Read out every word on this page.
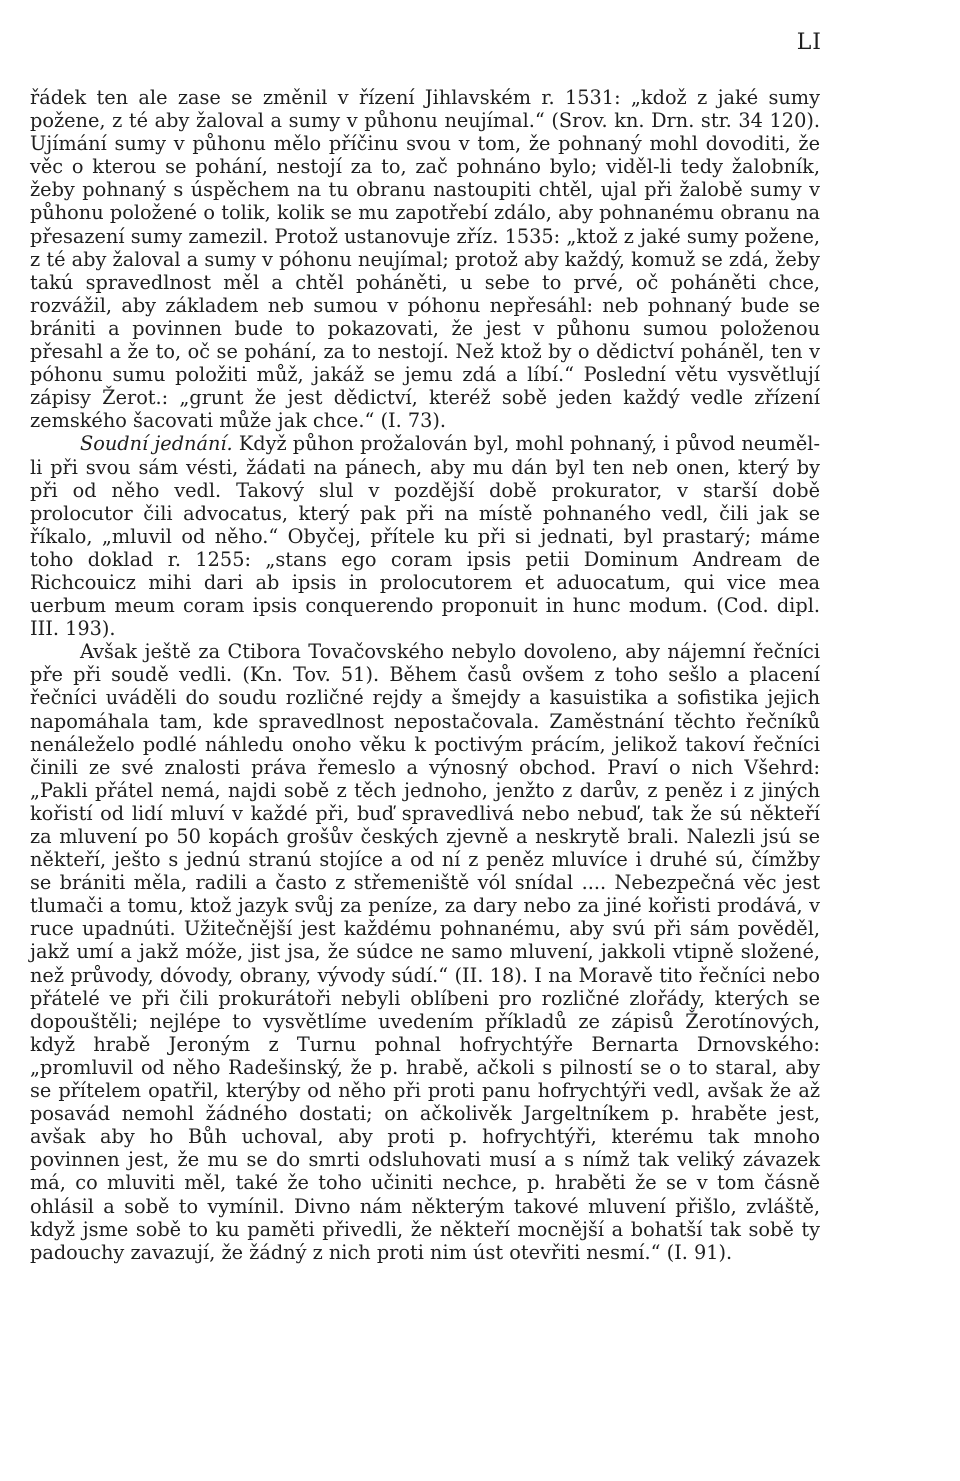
LI

řádek ten ale zase se změnil v řízení Jihlavském r. 1531: „kdož z jaké sumy požene, z té aby žaloval a sumy v půhonu neujímal.“ (Srov. kn. Drn. str. 34 120). Ujímání sumy v půhonu mělo příčinu svou v tom, že pohnaný mohl dovoditi, že věc o kterou se pohání, nestojí za to, zač pohnáno bylo; viděl-li tedy žalobník, žeby pohnaný s úspěchem na tu obranu nastoupiti chtěl, ujal při žalobě sumy v půhonu položené o tolik, kolik se mu zapotřebí zdálo, aby pohnanému obranu na přesazení sumy zamezil. Protož ustanovuje zříz. 1535: „ktož z jaké sumy požene, z té aby žaloval a sumy v póhonu neujímal; protož aby každý, komuž se zdá, žeby takú spravedlnost měl a chtěl poháněti, u sebe to prvé, oč poháněti chce, rozvážil, aby základem neb sumou v póhonu nepřesáhl: neb pohnaný bude se brániti a povinnen bude to pokazovati, že jest v půhonu sumou položenou přesahl a že to, oč se pohání, za to nestojí. Než ktož by o dědictví poháněl, ten v póhonu sumu položiti můž, jakáž se jemu zdá a líbí.“ Poslední větu vysvětlují zápisy Žerot.: „grunt že jest dědictví, kteréž sobě jeden každý vedle zřízení zemského šacovati může jak chce.“ (I. 73).

Soudní jednání. Když půhon prožalován byl, mohl pohnaný, i původ neuměl-li při svou sám vésti, žádati na pánech, aby mu dán byl ten neb onen, který by při od něho vedl. Takový slul v pozdější době prokurator, v starší době prolocutor čili advocatus, který pak při na místě pohnaného vedl, čili jak se říkalo, „mluvil od něho.“ Obyčej, přítele ku při si jednati, byl prastarý; máme toho doklad r. 1255: „stans ego coram ipsis petii Dominum Andream de Richcouicz mihi dari ab ipsis in prolocutorem et aduocatum, qui vice mea uerbum meum coram ipsis conquerendo proponuit in hunc modum. (Cod. dipl. III. 193).

Avšak ještě za Ctibora Tovačovského nebylo dovoleno, aby nájemní řečníci pře při soudě vedli. (Kn. Tov. 51). Během časů ovšem z toho sešlo a placení řečníci uváděli do soudu rozličné rejdy a šmejdy a kasuistika a sofistika jejich napomáhala tam, kde spravedlnost nepostačovala. Zaměstnání těchto řečníků nenáleželo podlé náhledu onoho věku k poctivým prácím, jelikož takoví řečníci činili ze své znalosti práva řemeslo a výnosný obchod. Praví o nich Všehrd: „Pakli přátel nemá, najdi sobě z těch jednoho, jenžto z darův, z peněz i z jiných kořistí od lidí mluví v každé při, buď spravedlivá nebo nebuď, tak že sú někteří za mluvení po 50 kopách grošův českých zjevně a neskrytě brali. Nalezli jsú se někteří, ješto s jednú stranú stojíce a od ní z peněz mluvíce i druhé sú, čímžby se brániti měla, radili a často z střemeniště vól snídal .... Nebezpečná věc jest tlumači a tomu, ktož jazyk svůj za peníze, za dary nebo za jiné kořisti prodává, v ruce upadnúti. Užitečnější jest každému pohnanému, aby svú při sám pověděl, jakž umí a jakž móže, jist jsa, že súdce ne samo mluvení, jakkoli vtipně složené, než průvody, dóvody, obrany, vývody súdí.“ (II. 18). I na Moravě tito řečníci nebo přátelé ve při čili prokurátoři nebyli oblíbeni pro rozličné zlořády, kterých se dopouštěli; nejlépe to vysvětlíme uvedením příkladů ze zápisů Žerotínových, když hrabě Jeroným z Turnu pohnal hofrychtýře Bernarta Drnovského: „promluvil od něho Radešinský, že p. hrabě, ačkoli s pilností se o to staral, aby se přítelem opatřil, kterýby od něho při proti panu hofrychtýři vedl, avšak že až posavád nemohl žádného dostati; on ačkolivěk Jargeltníkem p. hraběte jest, avšak aby ho Bůh uchoval, aby proti p. hofrychtýři, kterému tak mnoho povinnen jest, že mu se do smrti odsluhovati musí a s nímž tak veliký závazek má, co mluviti měl, také že toho učiniti nechce, p. hraběti že se v tom čásně ohlásil a sobě to vymínil. Divno nám některým takové mluvení přišlo, zvláště, když jsme sobě to ku paměti přivedli, že někteří mocnější a bohatší tak sobě ty padouchy zavazují, že žádný z nich proti nim úst otevřiti nesmí.“ (I. 91).
